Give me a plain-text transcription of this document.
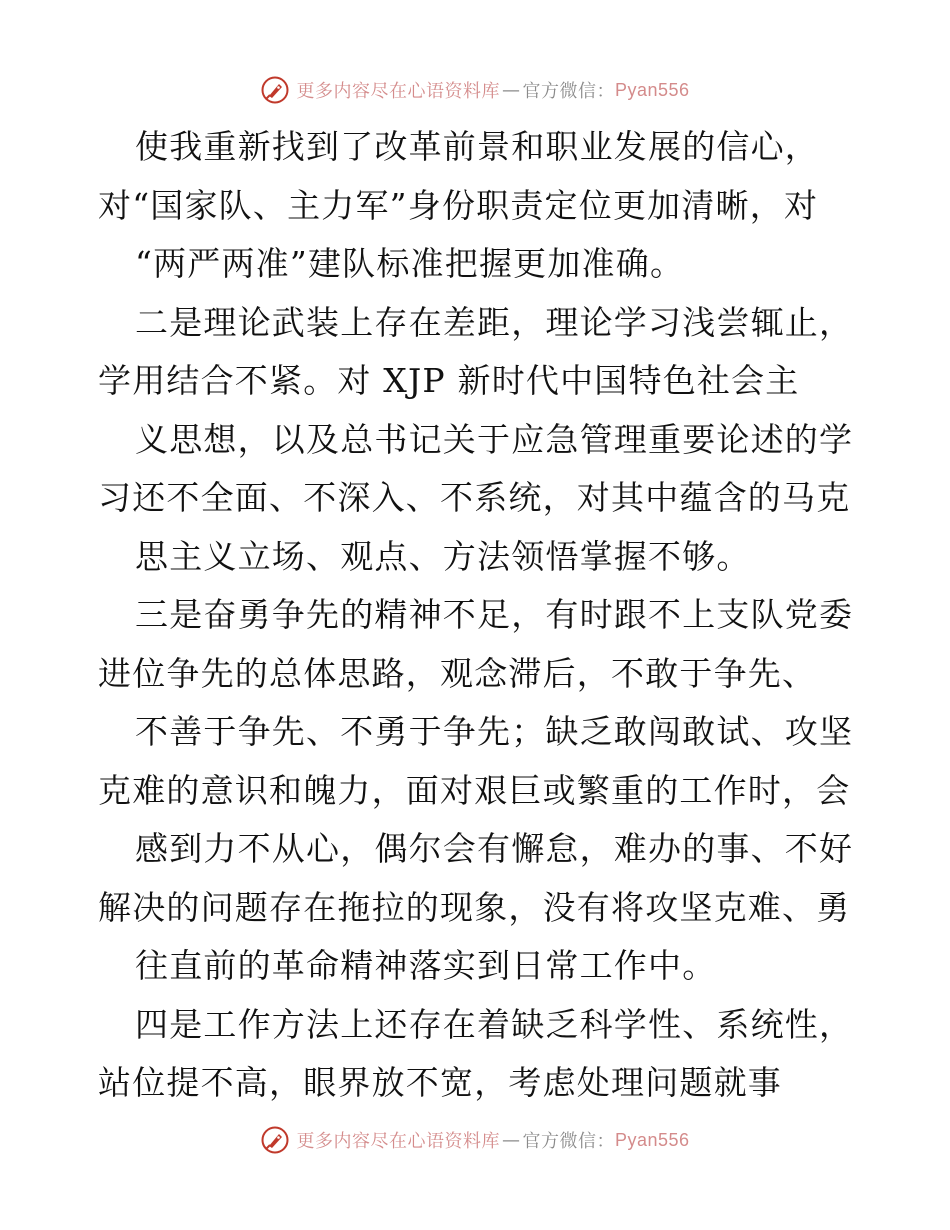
更多内容尽在心语资料库 — 官方微信： Pyan556
使我重新找到了改革前景和职业发展的信心，
对“国家队、主力军”身份职责定位更加清晰，对
“两严两准”建队标准把握更加准确。
二是理论武装上存在差距，理论学习浅尝辄止，
学用结合不紧。对 XJP 新时代中国特色社会主
义思想，以及总书记关于应急管理重要论述的学
习还不全面、不深入、不系统，对其中蕴含的马克
思主义立场、观点、方法领悟掌握不够。
三是奋勇争先的精神不足，有时跟不上支队党委
进位争先的总体思路，观念滞后，不敢于争先、
不善于争先、不勇于争先；缺乏敢闯敢试、攻坚
克难的意识和魄力，面对艰巨或繁重的工作时，会
感到力不从心，偶尔会有懈怠，难办的事、不好
解决的问题存在拖拉的现象，没有将攻坚克难、勇
往直前的革命精神落实到日常工作中。
四是工作方法上还存在着缺乏科学性、系统性，
站位提不高，眼界放不宽，考虑处理问题就事
更多内容尽在心语资料库 — 官方微信： Pyan556
